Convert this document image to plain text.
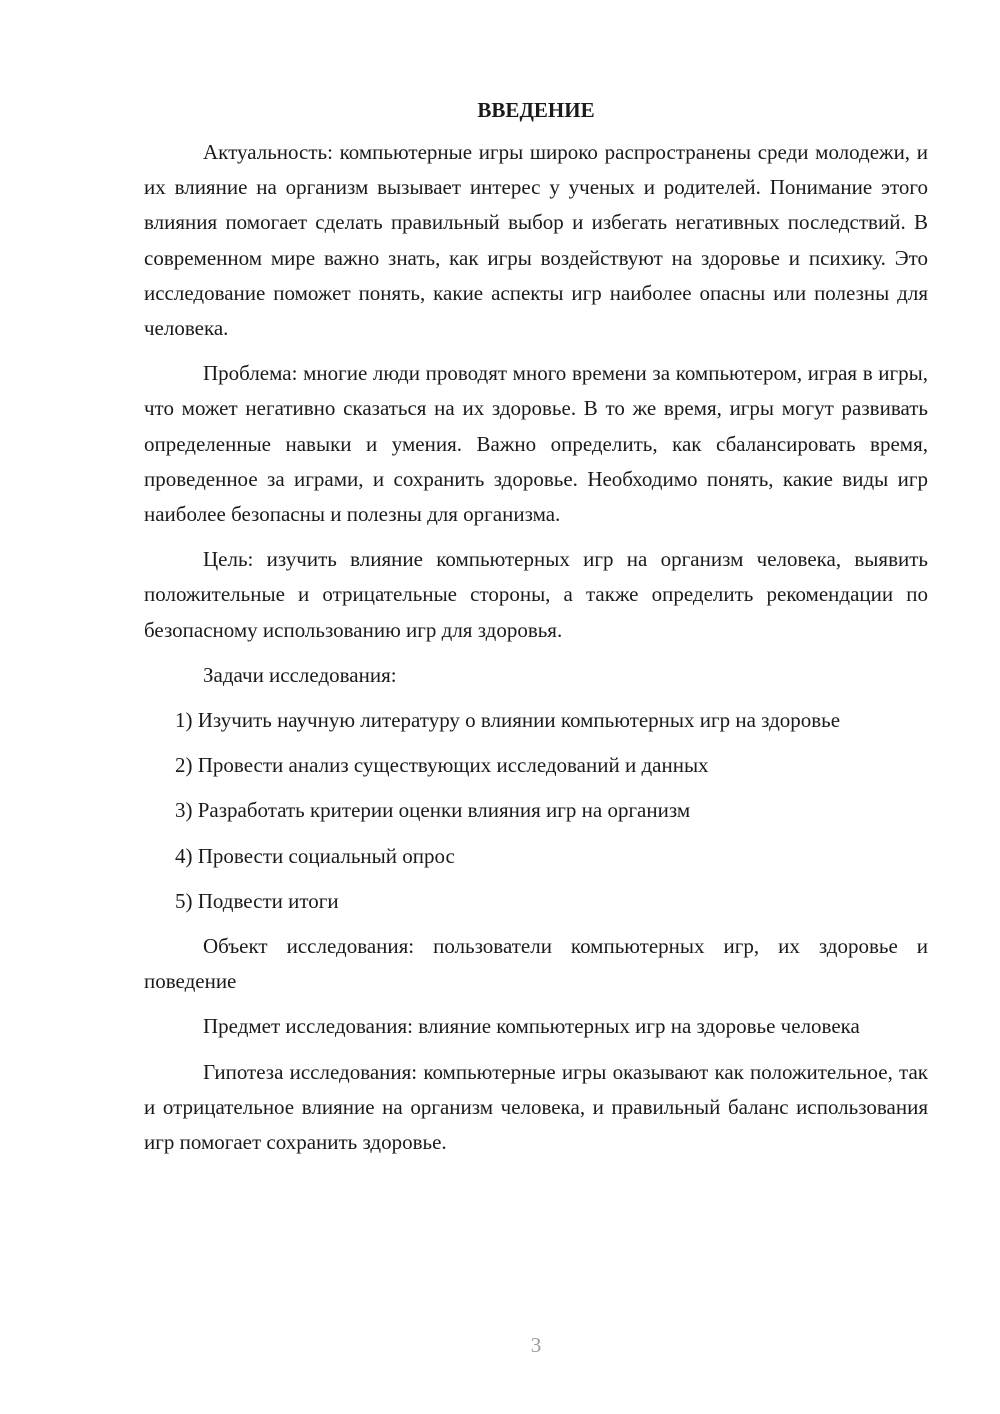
ВВЕДЕНИЕ

Актуальность: компьютерные игры широко распространены среди молодежи, и их влияние на организм вызывает интерес у ученых и родителей. Понимание этого влияния помогает сделать правильный выбор и избегать негативных последствий. В современном мире важно знать, как игры воздействуют на здоровье и психику. Это исследование поможет понять, какие аспекты игр наиболее опасны или полезны для человека.

Проблема: многие люди проводят много времени за компьютером, играя в игры, что может негативно сказаться на их здоровье. В то же время, игры могут развивать определенные навыки и умения. Важно определить, как сбалансировать время, проведенное за играми, и сохранить здоровье. Необходимо понять, какие виды игр наиболее безопасны и полезны для организма.

Цель: изучить влияние компьютерных игр на организм человека, выявить положительные и отрицательные стороны, а также определить рекомендации по безопасному использованию игр для здоровья.

Задачи исследования:

1) Изучить научную литературу о влиянии компьютерных игр на здоровье

2) Провести анализ существующих исследований и данных

3) Разработать критерии оценки влияния игр на организм

4) Провести социальный опрос

5) Подвести итоги

Объект исследования: пользователи компьютерных игр, их здоровье и поведение

Предмет исследования: влияние компьютерных игр на здоровье человека

Гипотеза исследования: компьютерные игры оказывают как положительное, так и отрицательное влияние на организм человека, и правильный баланс использования игр помогает сохранить здоровье.

3
